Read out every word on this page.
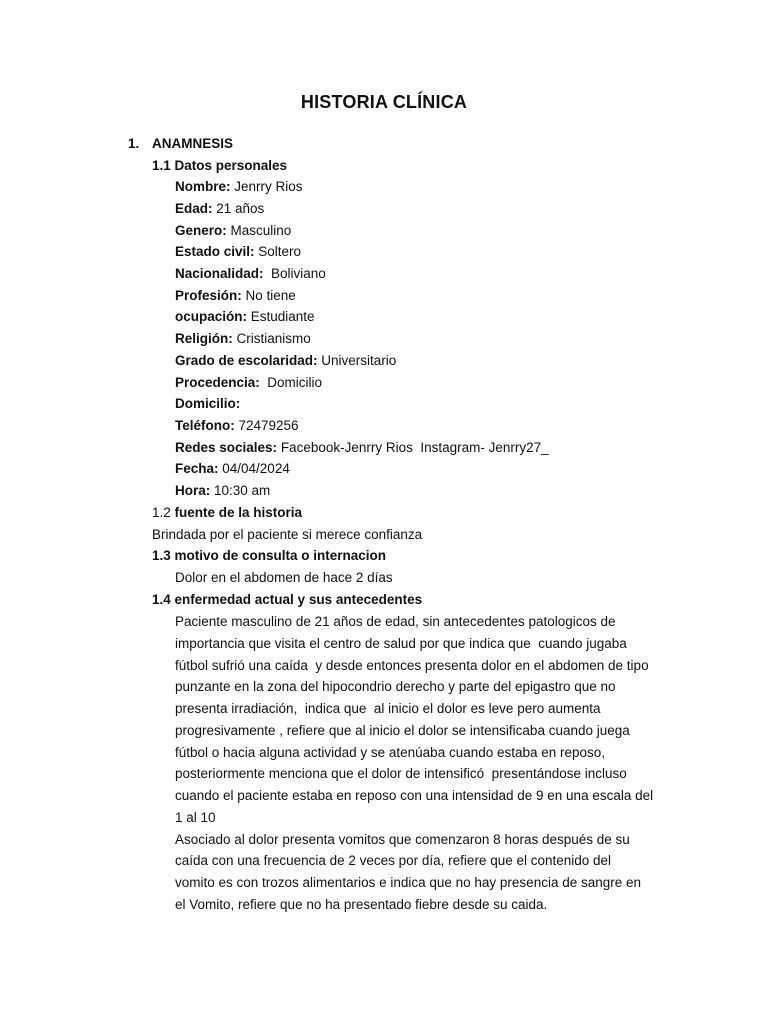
HISTORIA CLÍNICA
1. ANAMNESIS
1.1 Datos personales
Nombre: Jenrry Rios
Edad: 21 años
Genero: Masculino
Estado civil: Soltero
Nacionalidad:  Boliviano
Profesión: No tiene
ocupación: Estudiante
Religión: Cristianismo
Grado de escolaridad: Universitario
Procedencia:  Domicilio
Domicilio:
Teléfono: 72479256
Redes sociales: Facebook-Jenrry Rios  Instagram- Jenrry27_
Fecha: 04/04/2024
Hora: 10:30 am
1.2 fuente de la historia
Brindada por el paciente si merece confianza
1.3 motivo de consulta o internacion
Dolor en el abdomen de hace 2 días
1.4 enfermedad actual y sus antecedentes

Paciente masculino de 21 años de edad, sin antecedentes patologicos de

importancia que visita el centro de salud por que indica que  cuando jugaba

fútbol sufrió una caída  y desde entonces presenta dolor en el abdomen de tipo

punzante en la zona del hipocondrio derecho y parte del epigastro que no

presenta irradiación,  indica que  al inicio el dolor es leve pero aumenta

progresivamente , refiere que al inicio el dolor se intensificaba cuando juega

fútbol o hacia alguna actividad y se atenúaba cuando estaba en reposo,

posteriormente menciona que el dolor de intensificó  presentándose incluso

cuando el paciente estaba en reposo con una intensidad de 9 en una escala del

1 al 10

Asociado al dolor presenta vomitos que comenzaron 8 horas después de su

caída con una frecuencia de 2 veces por día, refiere que el contenido del

vomito es con trozos alimentarios e indica que no hay presencia de sangre en

el Vomito, refiere que no ha presentado fiebre desde su caida.
